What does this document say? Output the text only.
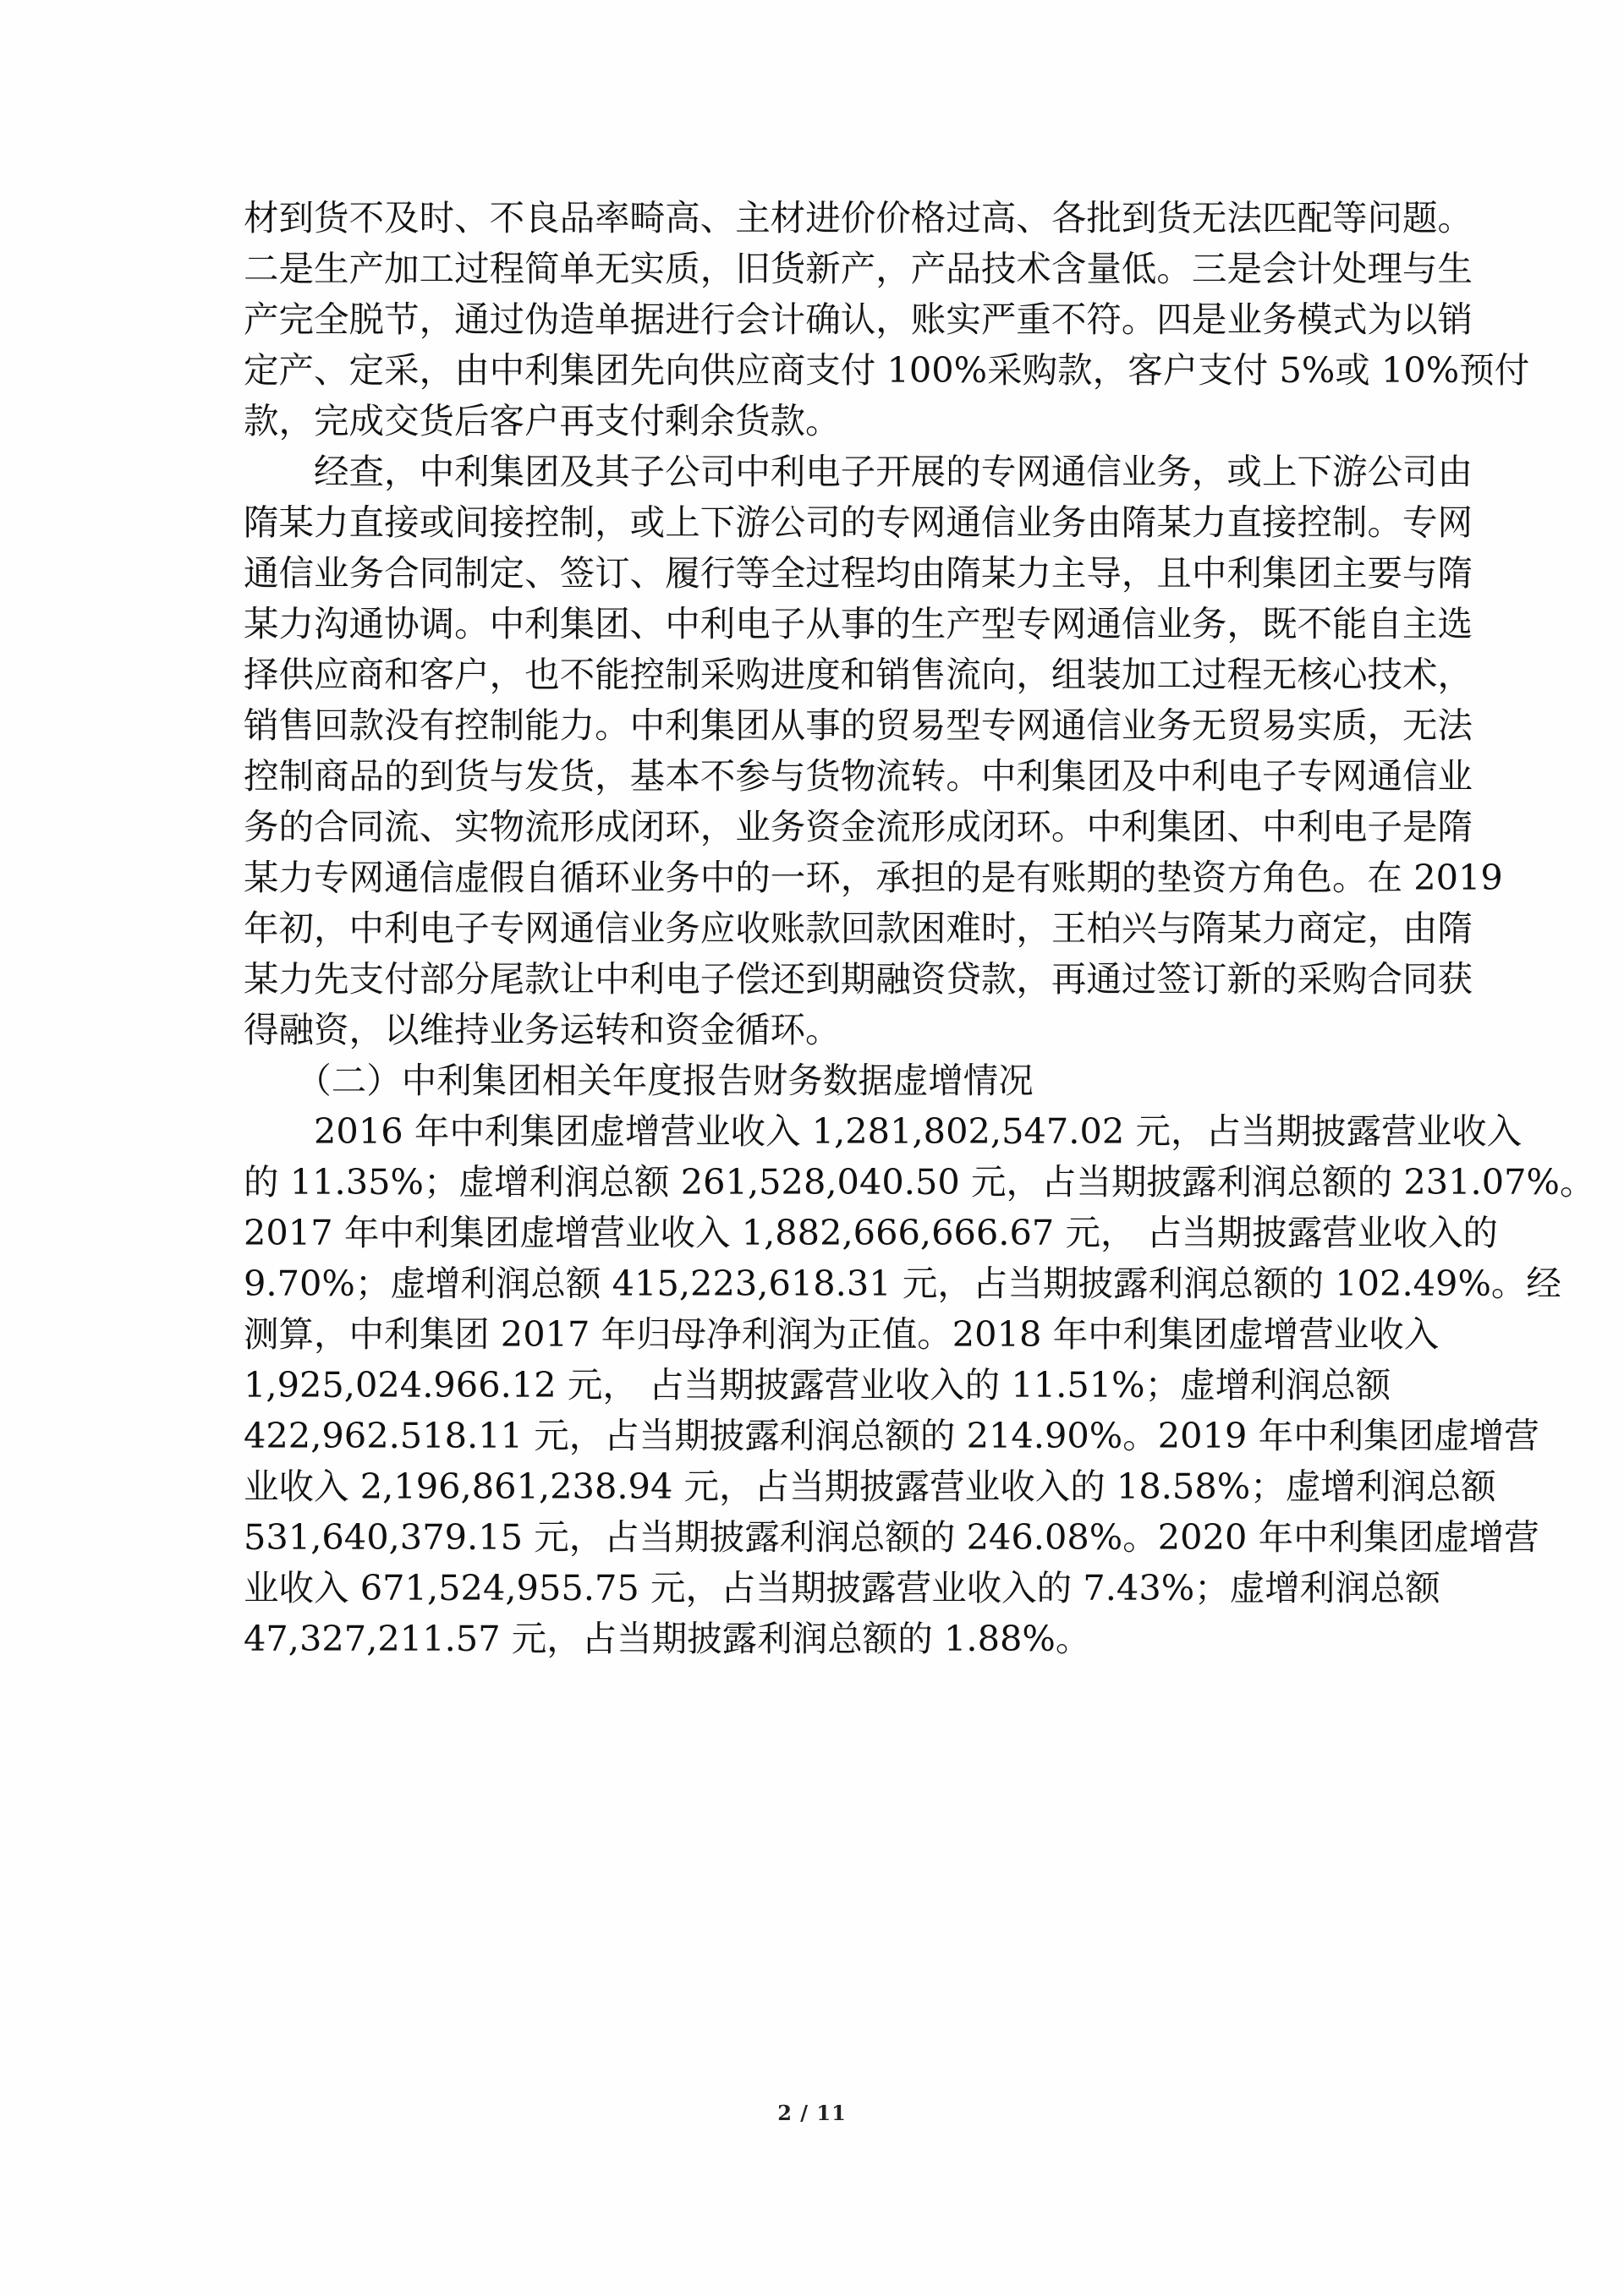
材 到 货 不 及 时 、 不 良 品 率 畸 高 、 主 材 进 价 价 格 过 高 、 各 批 到 货 无 法 匹 配 等 问 题 。
二 是 生 产 加 工 过 程 简 单 无 实 质 ， 旧 货 新 产 ， 产 品 技 术 含 量 低 。 三 是 会 计 处 理 与 生
产 完 全 脱 节 ， 通 过 伪 造 单 据 进 行 会 计 确 认 ， 账 实 严 重 不 符 。 四 是 业 务 模 式 为 以 销
定 产 、 定 采 ， 由 中 利 集 团 先 向 供 应 商 支 付 100% 采 购 款 ， 客 户 支 付 5% 或 10% 预 付
款，完成交货后客户再支付剩余货款。

经 查 ， 中 利 集 团 及 其 子 公 司 中 利 电 子 开 展 的 专 网 通 信 业 务 ， 或 上 下 游 公 司 由
隋 某 力 直 接 或 间 接 控 制 ， 或 上 下 游 公 司 的 专 网 通 信 业 务 由 隋 某 力 直 接 控 制 。 专 网
通 信 业 务 合 同 制 定 、 签 订 、 履 行 等 全 过 程 均 由 隋 某 力 主 导 ， 且 中 利 集 团 主 要 与 隋
某 力 沟 通 协 调 。 中 利 集 团 、 中 利 电 子 从 事 的 生 产 型 专 网 通 信 业 务 ， 既 不 能 自 主 选
择 供 应 商 和 客 户 ， 也 不 能 控 制 采 购 进 度 和 销 售 流 向 ， 组 装 加 工 过 程 无 核 心 技 术 ，
销 售 回 款 没 有 控 制 能 力 。 中 利 集 团 从 事 的 贸 易 型 专 网 通 信 业 务 无 贸 易 实 质 ， 无 法
控 制 商 品 的 到 货 与 发 货 ， 基 本 不 参 与 货 物 流 转 。 中 利 集 团 及 中 利 电 子 专 网 通 信 业
务 的 合 同 流 、 实 物 流 形 成 闭 环 ， 业 务 资 金 流 形 成 闭 环 。 中 利 集 团 、 中 利 电 子 是 隋
某 力 专 网 通 信 虚 假 自 循 环 业 务 中 的 一 环 ， 承 担 的 是 有 账 期 的 垫 资 方 角 色 。 在 2019
年 初 ， 中 利 电 子 专 网 通 信 业 务 应 收 账 款 回 款 困 难 时 ， 王 柏 兴 与 隋 某 力 商 定 ， 由 隋
某 力 先 支 付 部 分 尾 款 让 中 利 电 子 偿 还 到 期 融 资 贷 款 ， 再 通 过 签 订 新 的 采 购 合 同 获
得融资，以维持业务运转和资金循环。
　　（二）中利集团相关年度报告财务数据虚增情况

2016 年 中 利 集 团 虚 增 营 业 收 入 1,281,802,547.02 元 ， 占 当 期 披 露 营 业 收 入
的 11.35% ； 虚 增 利 润 总 额 261,528,040.50 元 ， 占 当 期 披 露 利 润 总 额 的 231.07% 。
2017 年 中 利 集 团 虚 增 营 业 收 入 1,882,666,666.67 元 ， 占 当 期 披 露 营 业 收 入 的
9.70% ； 虚 增 利 润 总 额 415,223,618.31 元 ， 占 当 期 披 露 利 润 总 额 的 102.49% 。 经
测 算 ， 中 利 集 团 2017 年 归 母 净 利 润 为 正 值 。 2018 年 中 利 集 团 虚 增 营 业 收 入
1,925,024.966.12 元 ， 占 当 期 披 露 营 业 收 入 的 11.51% ； 虚 增 利 润 总 额
422,962.518.11 元 ， 占 当 期 披 露 利 润 总 额 的 214.90% 。 2019 年 中 利 集 团 虚 增 营
业 收 入 2,196,861,238.94 元 ， 占 当 期 披 露 营 业 收 入 的 18.58% ； 虚 增 利 润 总 额
531,640,379.15 元 ， 占 当 期 披 露 利 润 总 额 的 246.08% 。 2020 年 中 利 集 团 虚 增 营
业 收 入 671,524,955.75 元 ， 占 当 期 披 露 营 业 收 入 的 7.43% ； 虚 增 利 润 总 额
47,327,211.57 元，占当期披露利润总额的 1.88%。
2 / 11
